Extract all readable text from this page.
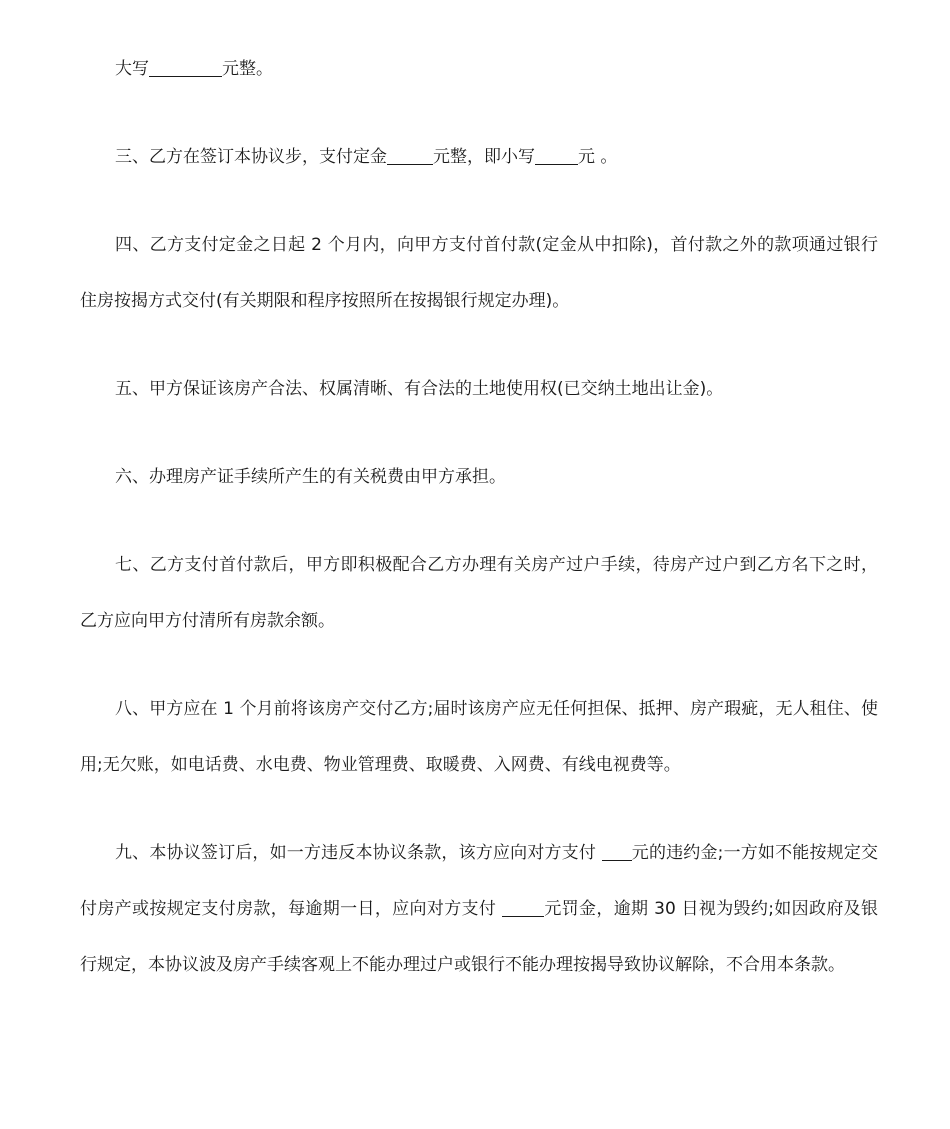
大写	元整。

三、乙方在签订本协议步，支付定金	元整，即小写	元 。

四、乙方支付定金之日起 2 个月内，向甲方支付首付款(定金从中扣除)，首付款之外的款项通过银行住房按揭方式交付(有关期限和程序按照所在按揭银行规定办理)。

五、甲方保证该房产合法、权属清晰、有合法的土地使用权(已交纳土地出让金)。

六、办理房产证手续所产生的有关税费由甲方承担。

七、乙方支付首付款后，甲方即积极配合乙方办理有关房产过户手续，待房产过户到乙方名下之时，乙方应向甲方付清所有房款余额。

八、甲方应在 1 个月前将该房产交付乙方;届时该房产应无任何担保、抵押、房产瑕疵，无人租住、使用;无欠账，如电话费、水电费、物业管理费、取暖费、入网费、有线电视费等。

九、本协议签订后，如一方违反本协议条款，该方应向对方支付 元的违约金;一方如不能按规定交付房产或按规定支付房款，每逾期一日，应向对方支付 元罚金，逾期 30 日视为毁约;如因政府及银行规定，本协议波及房产手续客观上不能办理过户或银行不能办理按揭导致协议解除，不合用本条款。
